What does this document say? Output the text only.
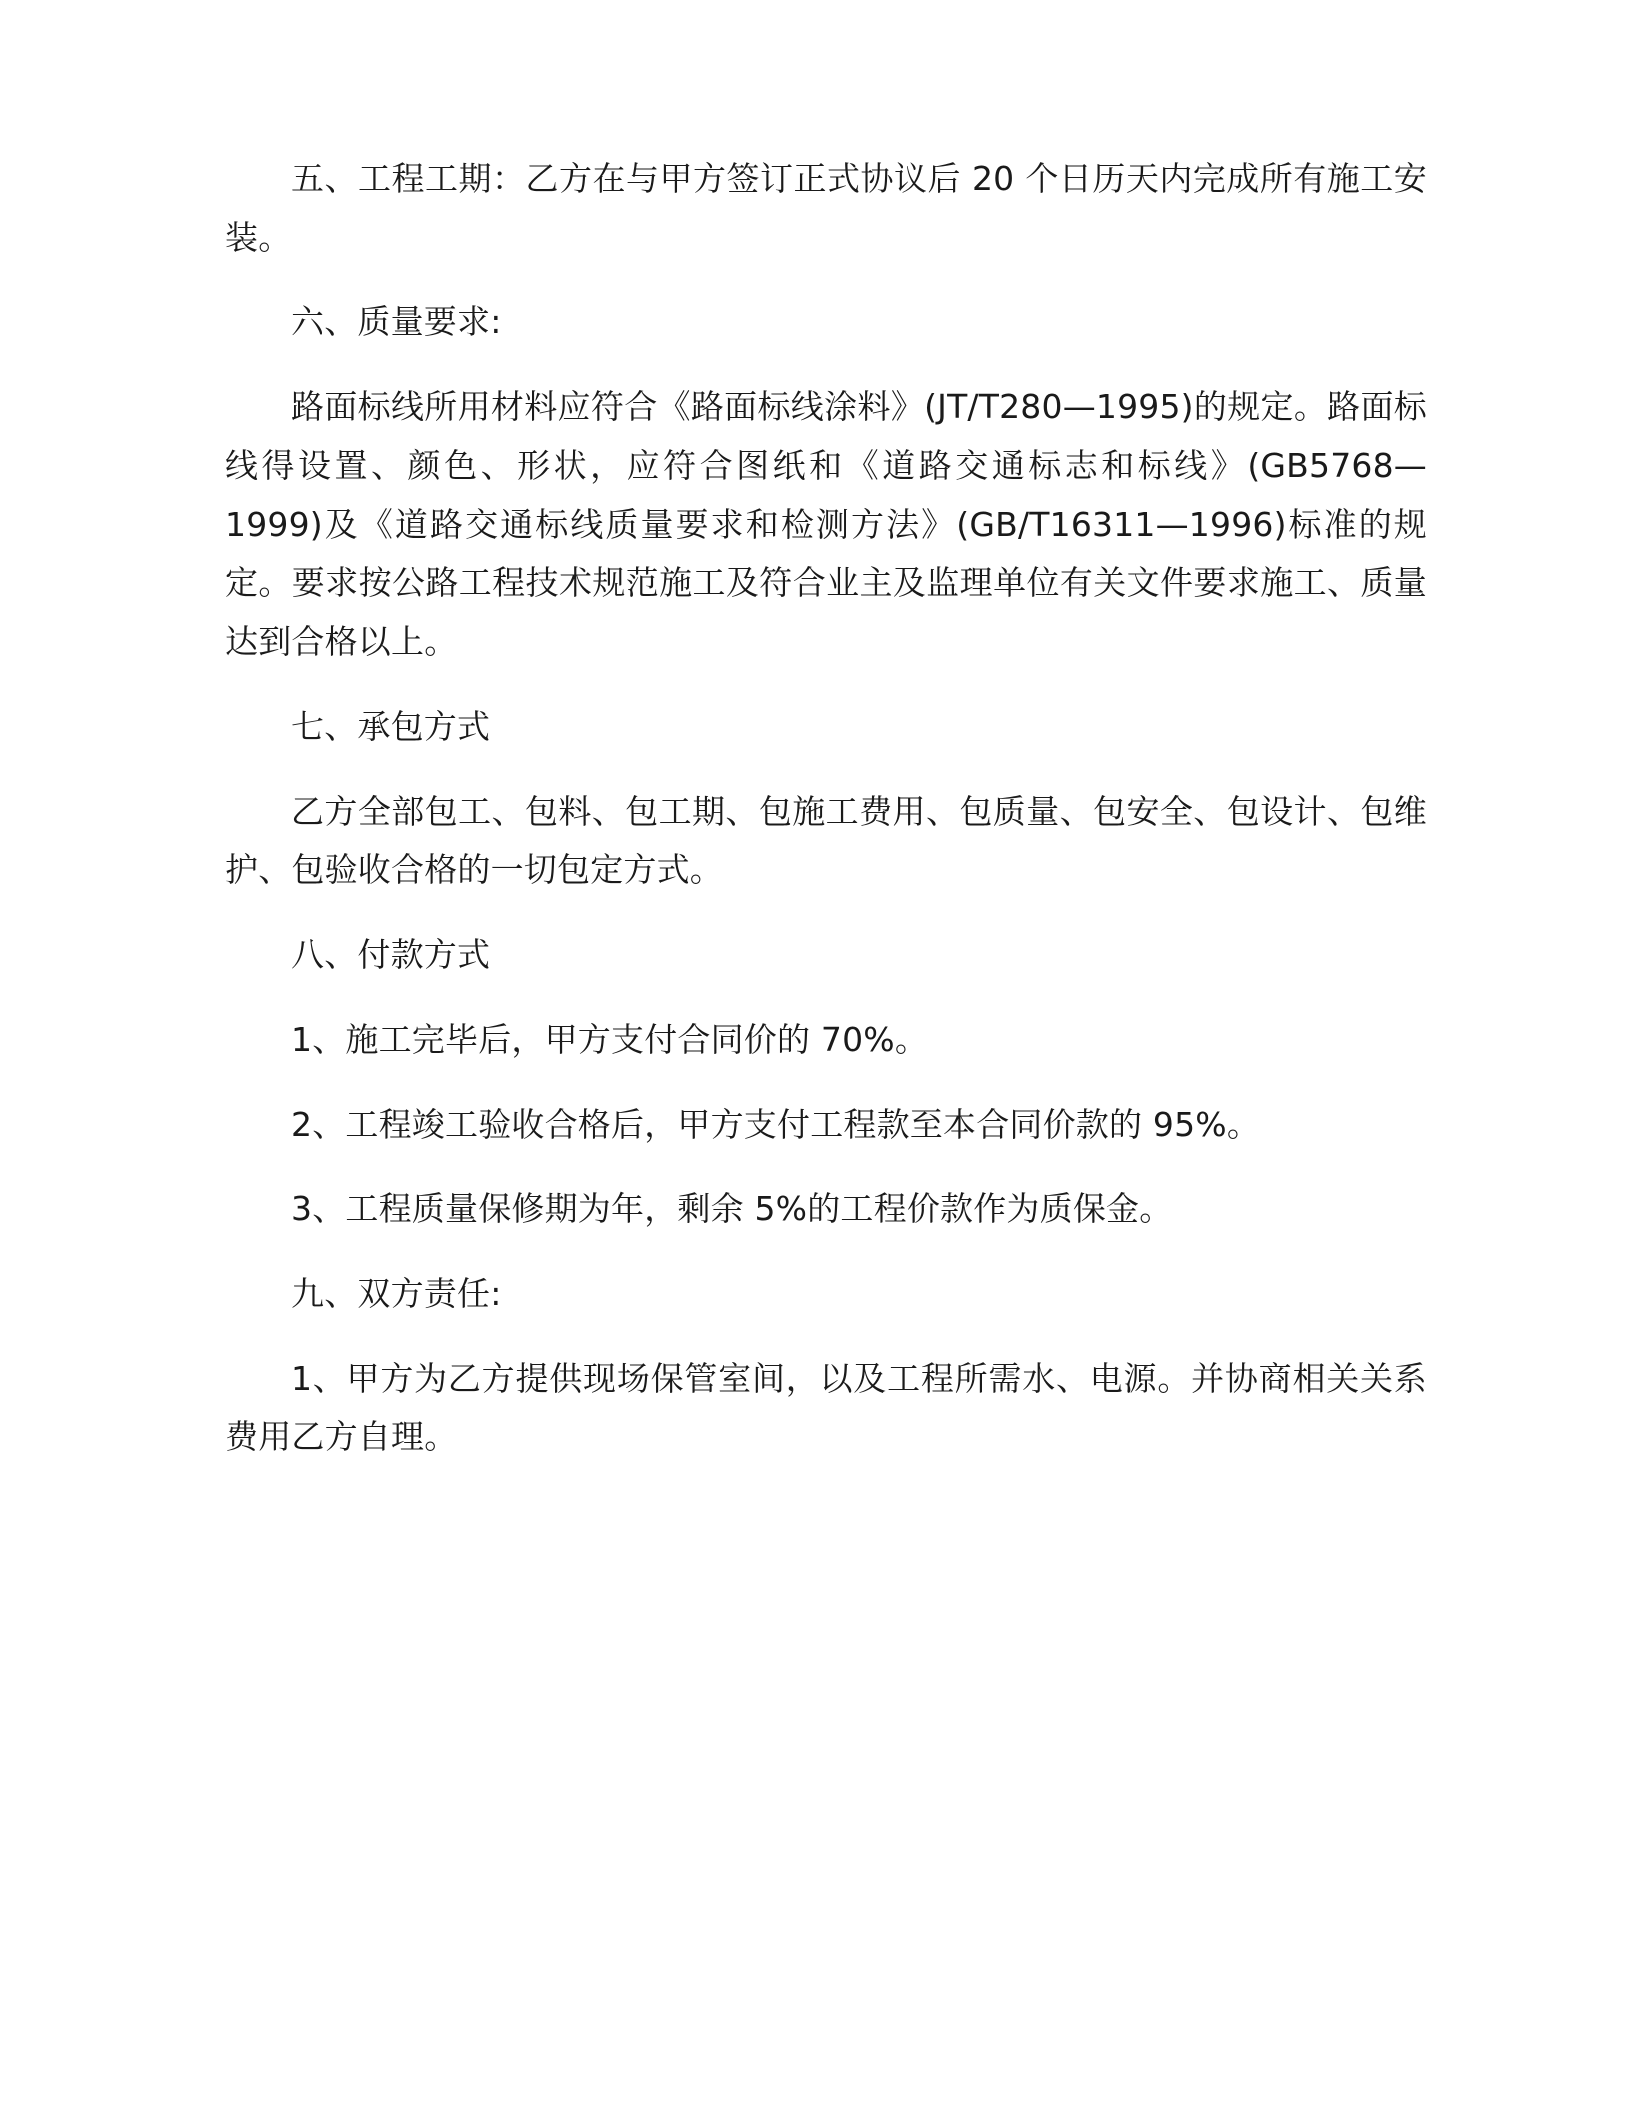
五、工程工期：乙方在与甲方签订正式协议后 20 个日历天内完成所有施工安装。

六、质量要求:

路面标线所用材料应符合《路面标线涂料》(JT/T280—1995)的规定。路面标线得设置、颜色、形状，应符合图纸和《道路交通标志和标线》(GB5768—1999)及《道路交通标线质量要求和检测方法》(GB/T16311—1996)标准的规定。要求按公路工程技术规范施工及符合业主及监理单位有关文件要求施工、质量达到合格以上。

七、承包方式

乙方全部包工、包料、包工期、包施工费用、包质量、包安全、包设计、包维护、包验收合格的一切包定方式。

八、付款方式

1、施工完毕后，甲方支付合同价的 70%。

2、工程竣工验收合格后，甲方支付工程款至本合同价款的 95%。

3、工程质量保修期为年，剩余 5%的工程价款作为质保金。

九、双方责任:

1、甲方为乙方提供现场保管室间，以及工程所需水、电源。并协商相关关系费用乙方自理。
